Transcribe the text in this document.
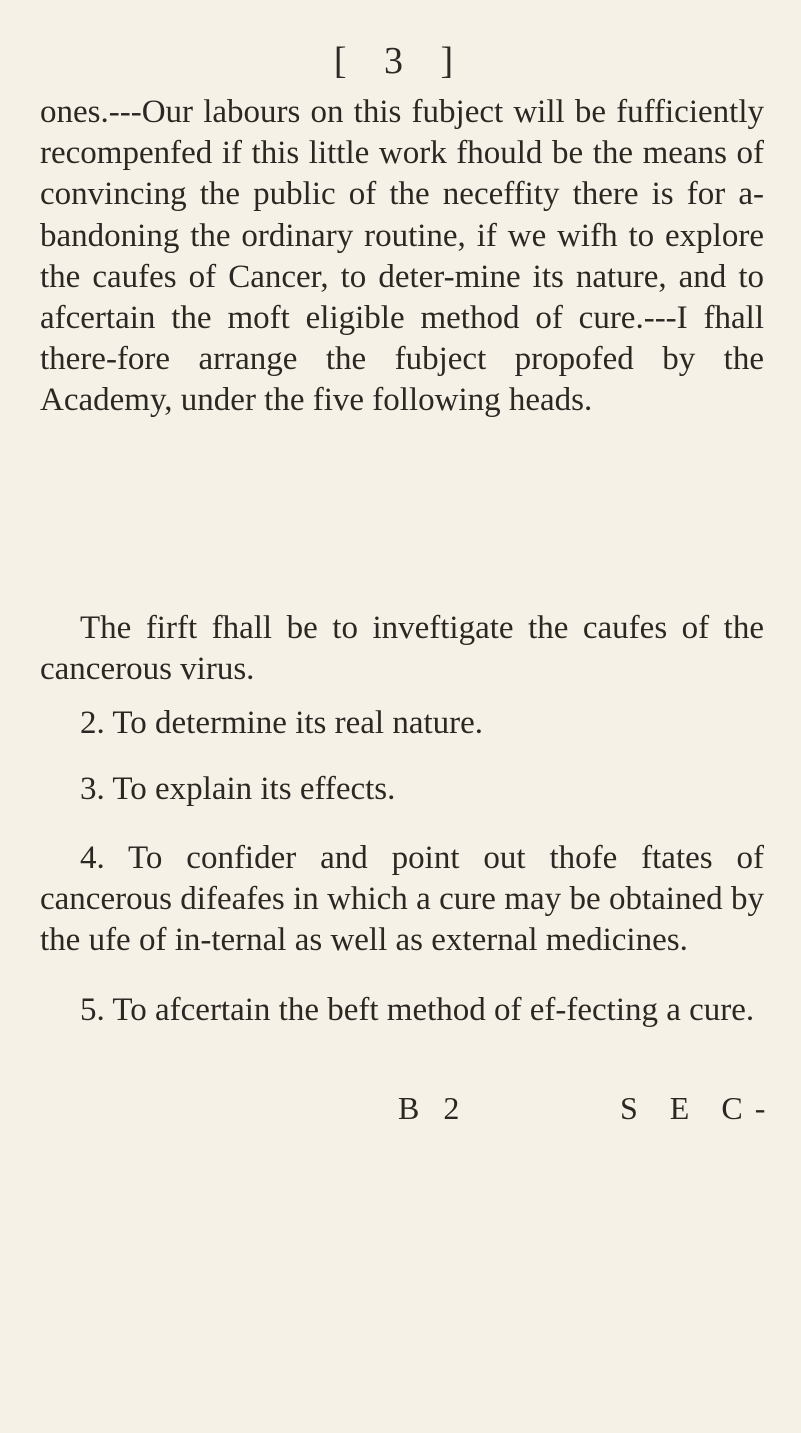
[ 3 ]

ones.---Our labours on this fubject will be fufficiently recompenfed if this little work fhould be the means of convincing the public of the neceffity there is for a-bandoning the ordinary routine, if we wifh to explore the caufes of Cancer, to deter-mine its nature, and to afcertain the moft eligible method of cure.---I fhall there-fore arrange the fubject propofed by the Academy, under the five following heads.

The firft fhall be to inveftigate the caufes of the cancerous virus.

2. To determine its real nature.

3. To explain its effects.

4. To confider and point out thofe ftates of cancerous difeafes in which a cure may be obtained by the ufe of in-ternal as well as external medicines.

5. To afcertain the beft method of ef-fecting a cure.

B 2	S E C-
